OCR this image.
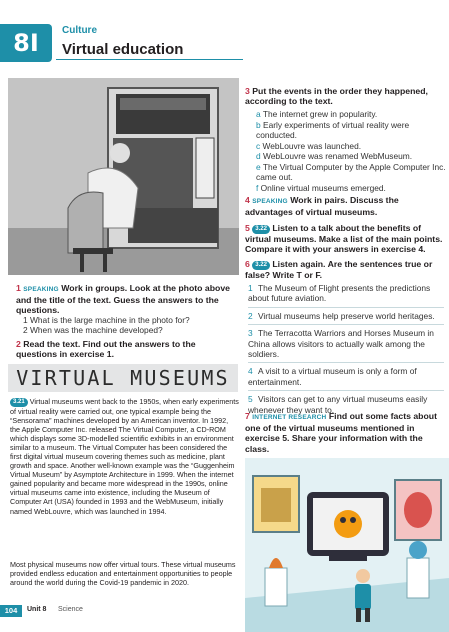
8I	Culture
Virtual education
1 SPEAKING Work in groups. Look at the photo above and the title of the text. Guess the answers to the questions.
1 What is the large machine in the photo for?
2 When was the machine developed?
2 Read the text. Find out the answers to the questions in exercise 1.
VIRTUAL MUSEUMS
3.21 Virtual museums went back to the 1950s, when early experiments of virtual reality were carried out, one typical example being the “Sensorama” machines developed by an American inventor. In 1992, the Apple Computer Inc. released The Virtual Computer, a CD-ROM which displays some 3D-modelled scientific exhibits in an environment similar to a museum. The Virtual Computer has been considered the first digital virtual museum covering themes such as medicine, plant growth and space. Another well-known example was the “Guggenheim Virtual Museum” by Asymptote Architecture in 1999. When the internet gained popularity and became more widespread in the 1990s, online virtual museums came into existence, including the Museum of Computer Art (USA) founded in 1993 and the WebMuseum, initially named WebLouvre, which was launched in 1994.
Most physical museums now offer virtual tours. These virtual museums provided endless education and entertainment opportunities to people around the world during the Covid-19 pandemic in 2020.
3 Put the events in the order they happened, according to the text.
a The internet grew in popularity.
b Early experiments of virtual reality were conducted.
c WebLouvre was launched.
d WebLouvre was renamed WebMuseum.
e The Virtual Computer by the Apple Computer Inc. came out.
f Online virtual museums emerged.
4 SPEAKING Work in pairs. Discuss the advantages of virtual museums.
5 3.22 Listen to a talk about the benefits of virtual museums. Make a list of the main points. Compare it with your answers in exercise 4.
6 3.22 Listen again. Are the sentences true or false? Write T or F.
1 The Museum of Flight presents the predictions about future aviation.
2 Virtual museums help preserve world heritages.
3 The Terracotta Warriors and Horses Museum in China allows visitors to actually walk among the soldiers.
4 A visit to a virtual museum is only a form of entertainment.
5 Visitors can get to any virtual museums easily whenever they want to.
7 INTERNET RESEARCH Find out some facts about one of the virtual museums mentioned in exercise 5. Share your information with the class.
104	Unit 8 Science
